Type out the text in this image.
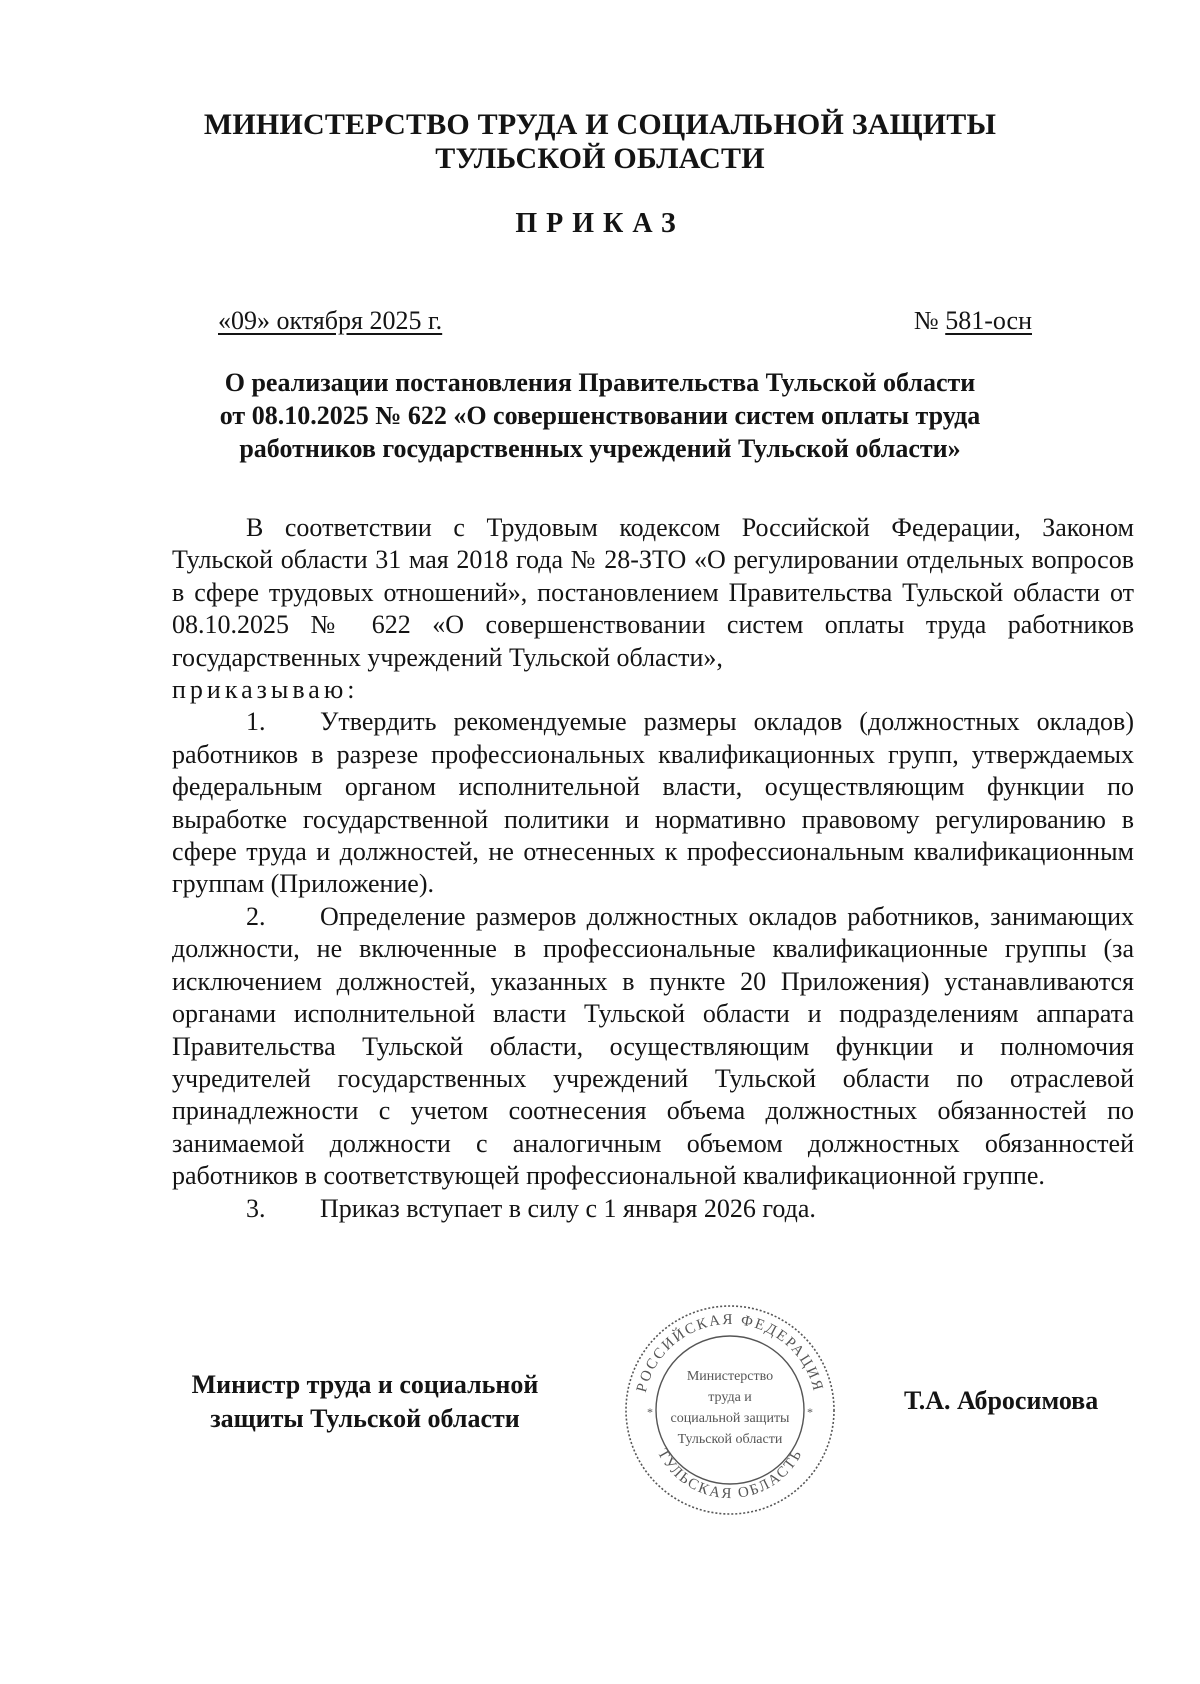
МИНИСТЕРСТВО ТРУДА И СОЦИАЛЬНОЙ ЗАЩИТЫ
ТУЛЬСКОЙ ОБЛАСТИ
ПРИКАЗ
«09» октября 2025 г.	№ 581-осн
О реализации постановления Правительства Тульской области
от 08.10.2025 № 622 «О совершенствовании систем оплаты труда
работников государственных учреждений Тульской области»

В соответствии с Трудовым кодексом Российской Федерации, Законом Тульской области 31 мая 2018 года № 28-ЗТО «О регулировании отдельных вопросов в сфере трудовых отношений», постановлением Правительства Тульской области от 08.10.2025 № 622 «О совершенствовании систем оплаты труда работников государственных учреждений Тульской области»,

приказываю:

1. Утвердить рекомендуемые размеры окладов (должностных окладов) работников в разрезе профессиональных квалификационных групп, утверждаемых федеральным органом исполнительной власти, осуществляющим функции по выработке государственной политики и нормативно правовому регулированию в сфере труда и должностей, не отнесенных к профессиональным квалификационным группам (Приложение).

2. Определение размеров должностных окладов работников, занимающих должности, не включенные в профессиональные квалификационные группы (за исключением должностей, указанных в пункте 20 Приложения) устанавливаются органами исполнительной власти Тульской области и подразделениям аппарата Правительства Тульской области, осуществляющим функции и полномочия учредителей государственных учреждений Тульской области по отраслевой принадлежности с учетом соотнесения объема должностных обязанностей по занимаемой должности с аналогичным объемом должностных обязанностей работников в соответствующей профессиональной квалификационной группе.

3. Приказ вступает в силу с 1 января 2026 года.

Министр труда и социальной
защиты Тульской области
РОССИЙСКАЯ ФЕДЕРАЦИЯ
ТУЛЬСКАЯ ОБЛАСТЬ
*	*
Министерство
труда и
социальной защиты
Тульской области
Т.А. Абросимова
